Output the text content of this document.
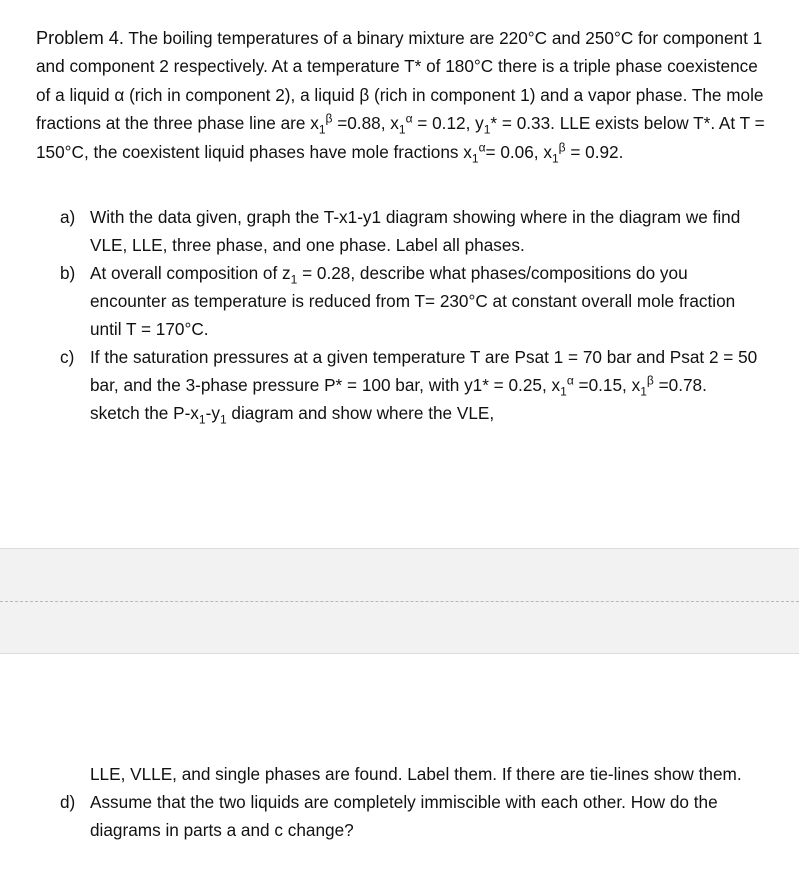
Problem 4. The boiling temperatures of a binary mixture are 220°C and 250°C for component 1 and component 2 respectively. At a temperature T* of 180°C there is a triple phase coexistence of a liquid α (rich in component 2), a liquid β (rich in component 1) and a vapor phase. The mole fractions at the three phase line are $x_1^\beta =0.88$, $x_1^\alpha = 0.12$, $y_1* = 0.33$. LLE exists below T*. At T = 150°C, the coexistent liquid phases have mole fractions $x_1^\alpha= 0.06$, $x_1^\beta = 0.92$.

a) With the data given, graph the T-x1-y1 diagram showing where in the diagram we find VLE, LLE, three phase, and one phase. Label all phases.
b) At overall composition of $z_1 = 0.28$, describe what phases/compositions do you encounter as temperature is reduced from T= 230°C at constant overall mole fraction until T = 170°C.
c) If the saturation pressures at a given temperature T are Psat 1 = 70 bar and Psat 2 = 50 bar, and the 3-phase pressure P* = 100 bar, with y1* = 0.25, $x_1^\alpha =0.15$, $x_1^\beta =0.78$. sketch the $P-x_1-y_1$ diagram and show where the VLE,
LLE, VLLE, and single phases are found. Label them. If there are tie-lines show them.
d) Assume that the two liquids are completely immiscible with each other. How do the diagrams in parts a and c change?
